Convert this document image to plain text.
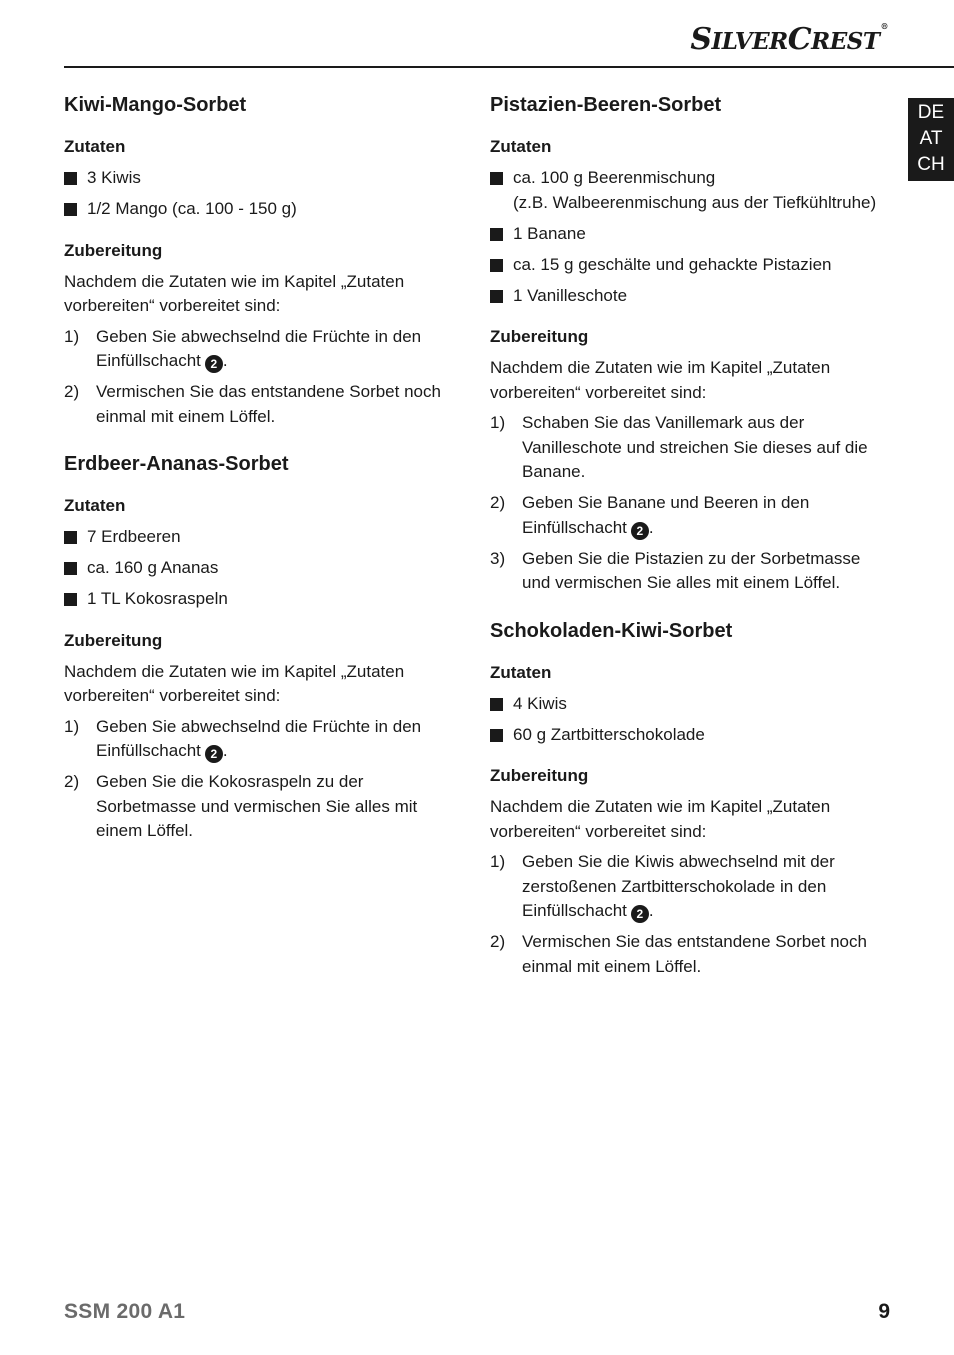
SILVERCREST®
DE
AT
CH
Kiwi-Mango-Sorbet
Zutaten
3 Kiwis
1/2 Mango (ca. 100 - 150 g)
Zubereitung

Nachdem die Zutaten wie im Kapitel „Zutaten vorbereiten“ vorbereitet sind:

1) Geben Sie abwechselnd die Früchte in den Einfüllschacht 2 .
2) Vermischen Sie das entstandene Sorbet noch einmal mit einem Löffel.
Erdbeer-Ananas-Sorbet
Zutaten
7 Erdbeeren
ca. 160 g Ananas
1 TL Kokosraspeln
Zubereitung

Nachdem die Zutaten wie im Kapitel „Zutaten vorbereiten“ vorbereitet sind:

1) Geben Sie abwechselnd die Früchte in den Einfüllschacht 2 .
2) Geben Sie die Kokosraspeln zu der Sorbetmasse und vermischen Sie alles mit einem Löffel.
Pistazien-Beeren-Sorbet
Zutaten
ca. 100 g Beerenmischung
(z.B. Walbeerenmischung aus der Tiefkühltruhe)
1 Banane
ca. 15 g geschälte und gehackte Pistazien
1 Vanilleschote
Zubereitung

Nachdem die Zutaten wie im Kapitel „Zutaten vorbereiten“ vorbereitet sind:

1) Schaben Sie das Vanillemark aus der Vanilleschote und streichen Sie dieses auf die Banane.
2) Geben Sie Banane und Beeren in den Einfüllschacht 2 .
3) Geben Sie die Pistazien zu der Sorbetmasse und vermischen Sie alles mit einem Löffel.
Schokoladen-Kiwi-Sorbet
Zutaten
4 Kiwis
60 g Zartbitterschokolade
Zubereitung

Nachdem die Zutaten wie im Kapitel „Zutaten vorbereiten“ vorbereitet sind:

1) Geben Sie die Kiwis abwechselnd mit der zerstoßenen Zartbitterschokolade in den Einfüllschacht 2 .
2) Vermischen Sie das entstandene Sorbet noch einmal mit einem Löffel.
SSM 200 A1	9
